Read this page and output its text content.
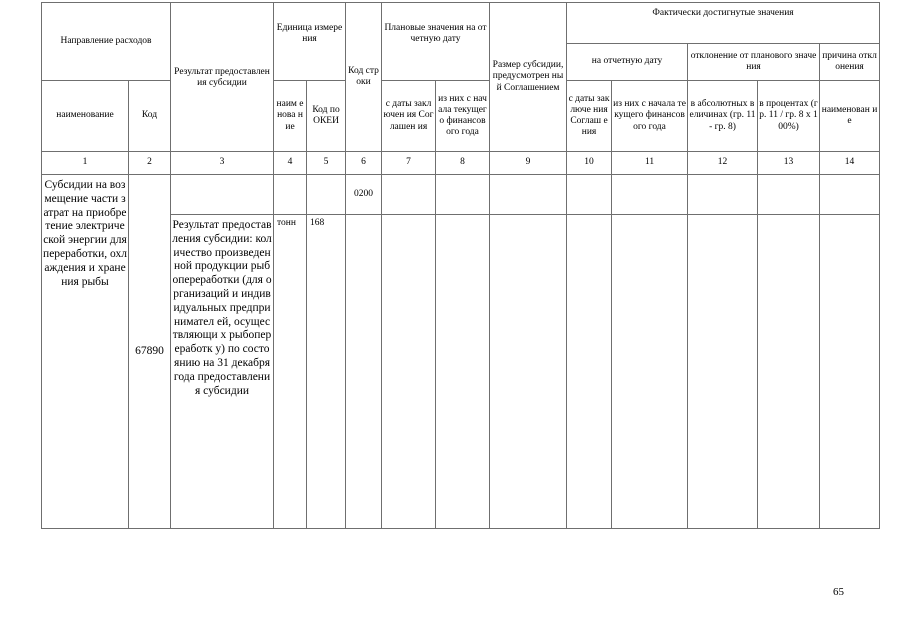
Направление расходов		Результат предоставления субсидии	Единица измерения		Код строки	Плановые значения на отчетную дату		Размер субсидии, предусмотрен ный Соглашением	Фактически достигнутые значения				
									на отчетную дату		отклонение от планового значения		причина отклонения
наименование	Код		наим енова ние	Код по ОКЕИ		с даты заключен ия Соглашен ия	из них с начала текущего финансов ого года		с даты заключе ния Соглаш ения	из них с начала текущего финансового года	в абсолютных величинах (гр. 11- гр. 8)	в процентах (гр. 11 / гр. 8 х 100%)	наименован ие
1	2	3	4	5	6	7	8	9	10	11	12	13	14
Субсидии на возмещение части затрат на приобретение электрической энергии для переработки, охлаждения и хранения рыбы	67890				0200								
		Результат предоставления субсидии: количество произведенной продукции рыбопереработки (для организаций и индивидуальных предпринимател ей, осуществляющи х рыбопереработк у) по состоянию на 31 декабря года предоставления субсидии	тонн	168									
65
